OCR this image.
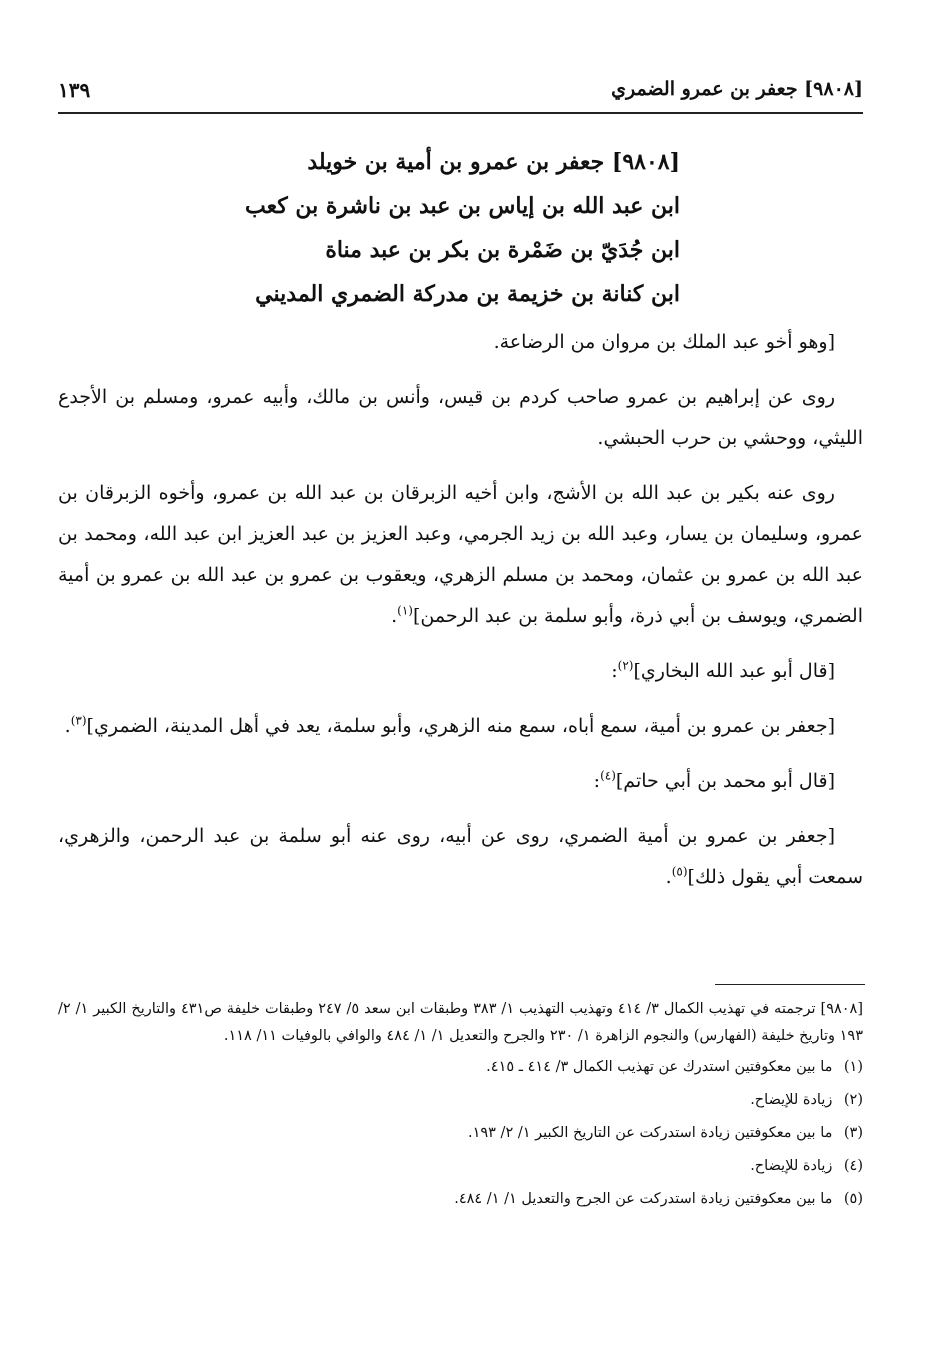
[٩٨٠٨] جعفر بن عمرو الضمري
١٣٩
[٩٨٠٨] جعفر بن عمرو بن أمية بن خويلد
ابن عبد الله بن إياس بن عبد بن ناشرة بن كعب
ابن جُدَيّ بن ضَمْرة بن بكر بن عبد مناة
ابن كنانة بن خزيمة بن مدركة الضمري المديني

[وهو أخو عبد الملك بن مروان من الرضاعة.

روى عن إبراهيم بن عمرو صاحب كردم بن قيس، وأنس بن مالك، وأبيه عمرو، ومسلم بن الأجدع الليثي، ووحشي بن حرب الحبشي.

روى عنه بكير بن عبد الله بن الأشج، وابن أخيه الزبرقان بن عبد الله بن عمرو، وأخوه الزبرقان بن عمرو، وسليمان بن يسار، وعبد الله بن زيد الجرمي، وعبد العزيز بن عبد العزيز ابن عبد الله، ومحمد بن عبد الله بن عمرو بن عثمان، ومحمد بن مسلم الزهري، ويعقوب بن عمرو بن عبد الله بن عمرو بن أمية الضمري، ويوسف بن أبي ذرة، وأبو سلمة بن عبد الرحمن]$^{(١)}$.

[قال أبو عبد الله البخاري]$^{(٢)}$:

[جعفر بن عمرو بن أمية، سمع أباه، سمع منه الزهري، وأبو سلمة، يعد في أهل المدينة، الضمري]$^{(٣)}$.

[قال أبو محمد بن أبي حاتم]$^{(٤)}$:

[جعفر بن عمرو بن أمية الضمري، روى عن أبيه، روى عنه أبو سلمة بن عبد الرحمن، والزهري، سمعت أبي يقول ذلك]$^{(٥)}$.

[٩٨٠٨] ترجمته في تهذيب الكمال ٣/ ٤١٤ وتهذيب التهذيب ١/ ٣٨٣ وطبقات ابن سعد ٥/ ٢٤٧ وطبقات خليفة ص٤٣١ والتاريخ الكبير ١/ ٢/ ١٩٣ وتاريخ خليفة (الفهارس) والنجوم الزاهرة ١/ ٢٣٠ والجرح والتعديل ١/ ١/ ٤٨٤ والوافي بالوفيات ١١/ ١١٨.
(١) ما بين معكوفتين استدرك عن تهذيب الكمال ٣/ ٤١٤ ـ ٤١٥.
(٢) زيادة للإيضاح.
(٣) ما بين معكوفتين زيادة استدركت عن التاريخ الكبير ١/ ٢/ ١٩٣.
(٤) زيادة للإيضاح.
(٥) ما بين معكوفتين زيادة استدركت عن الجرح والتعديل ١/ ١/ ٤٨٤.
